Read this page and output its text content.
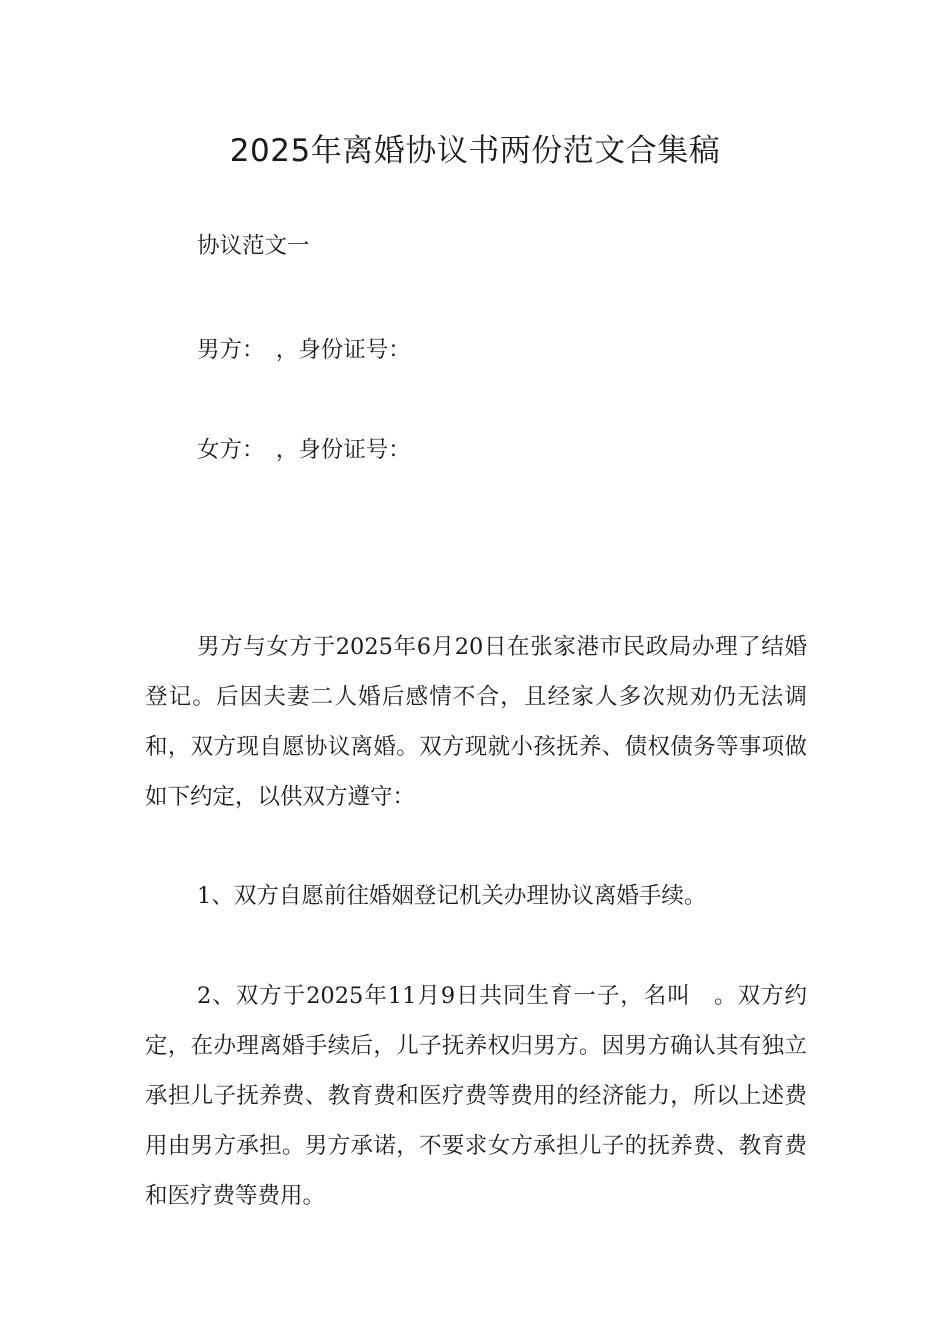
2025年离婚协议书两份范文合集稿
协议范文一
男方：　，身份证号：
女方：　，身份证号：

男方与女方于2025年6月20日在张家港市民政局办理了结婚登记。后因夫妻二人婚后感情不合，且经家人多次规劝仍无法调和，双方现自愿协议离婚。双方现就小孩抚养、债权债务等事项做如下约定，以供双方遵守：

1、双方自愿前往婚姻登记机关办理协议离婚手续。

2、双方于2025年11月9日共同生育一子，名叫　。双方约定，在办理离婚手续后，儿子抚养权归男方。因男方确认其有独立承担儿子抚养费、教育费和医疗费等费用的经济能力，所以上述费用由男方承担。男方承诺，不要求女方承担儿子的抚养费、教育费和医疗费等费用。
